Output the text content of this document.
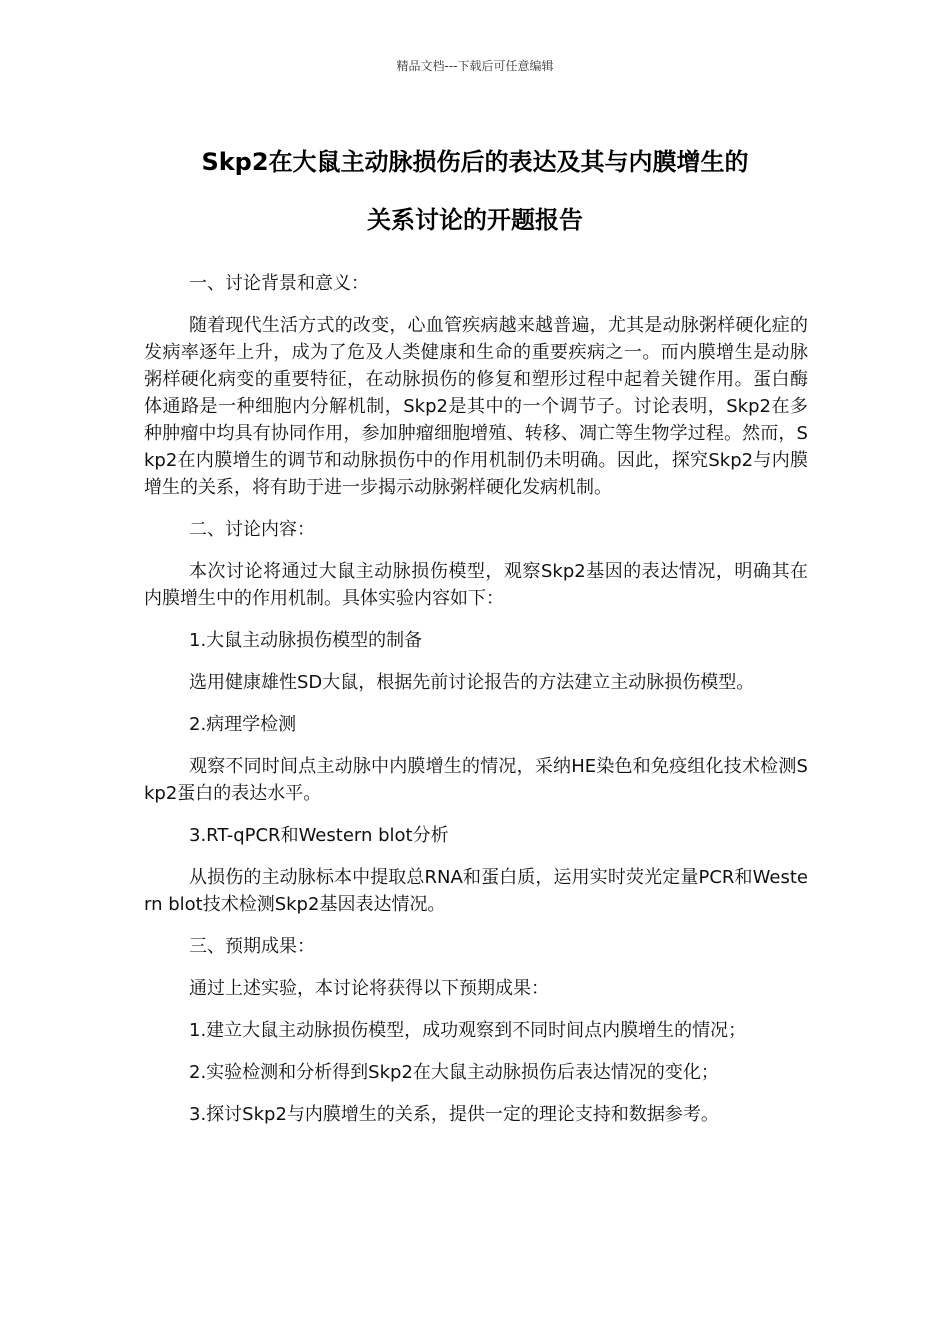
精品文档---下载后可任意编辑
Skp2在大鼠主动脉损伤后的表达及其与内膜增生的
关系讨论的开题报告

一、讨论背景和意义：

随着现代生活方式的改变，心血管疾病越来越普遍，尤其是动脉粥样硬化症的发病率逐年上升，成为了危及人类健康和生命的重要疾病之一。而内膜增生是动脉粥样硬化病变的重要特征，在动脉损伤的修复和塑形过程中起着关键作用。蛋白酶体通路是一种细胞内分解机制，Skp2是其中的一个调节子。讨论表明，Skp2在多种肿瘤中均具有协同作用，参加肿瘤细胞增殖、转移、凋亡等生物学过程。然而，Skp2在内膜增生的调节和动脉损伤中的作用机制仍未明确。因此，探究Skp2与内膜增生的关系，将有助于进一步揭示动脉粥样硬化发病机制。

二、讨论内容：

本次讨论将通过大鼠主动脉损伤模型，观察Skp2基因的表达情况，明确其在内膜增生中的作用机制。具体实验内容如下：

1.大鼠主动脉损伤模型的制备

选用健康雄性SD大鼠，根据先前讨论报告的方法建立主动脉损伤模型。

2.病理学检测

观察不同时间点主动脉中内膜增生的情况，采纳HE染色和免疫组化技术检测Skp2蛋白的表达水平。

3.RT-qPCR和Western blot分析

从损伤的主动脉标本中提取总RNA和蛋白质，运用实时荧光定量PCR和Western blot技术检测Skp2基因表达情况。

三、预期成果：

通过上述实验，本讨论将获得以下预期成果：

1.建立大鼠主动脉损伤模型，成功观察到不同时间点内膜增生的情况；

2.实验检测和分析得到Skp2在大鼠主动脉损伤后表达情况的变化；

3.探讨Skp2与内膜增生的关系，提供一定的理论支持和数据参考。
